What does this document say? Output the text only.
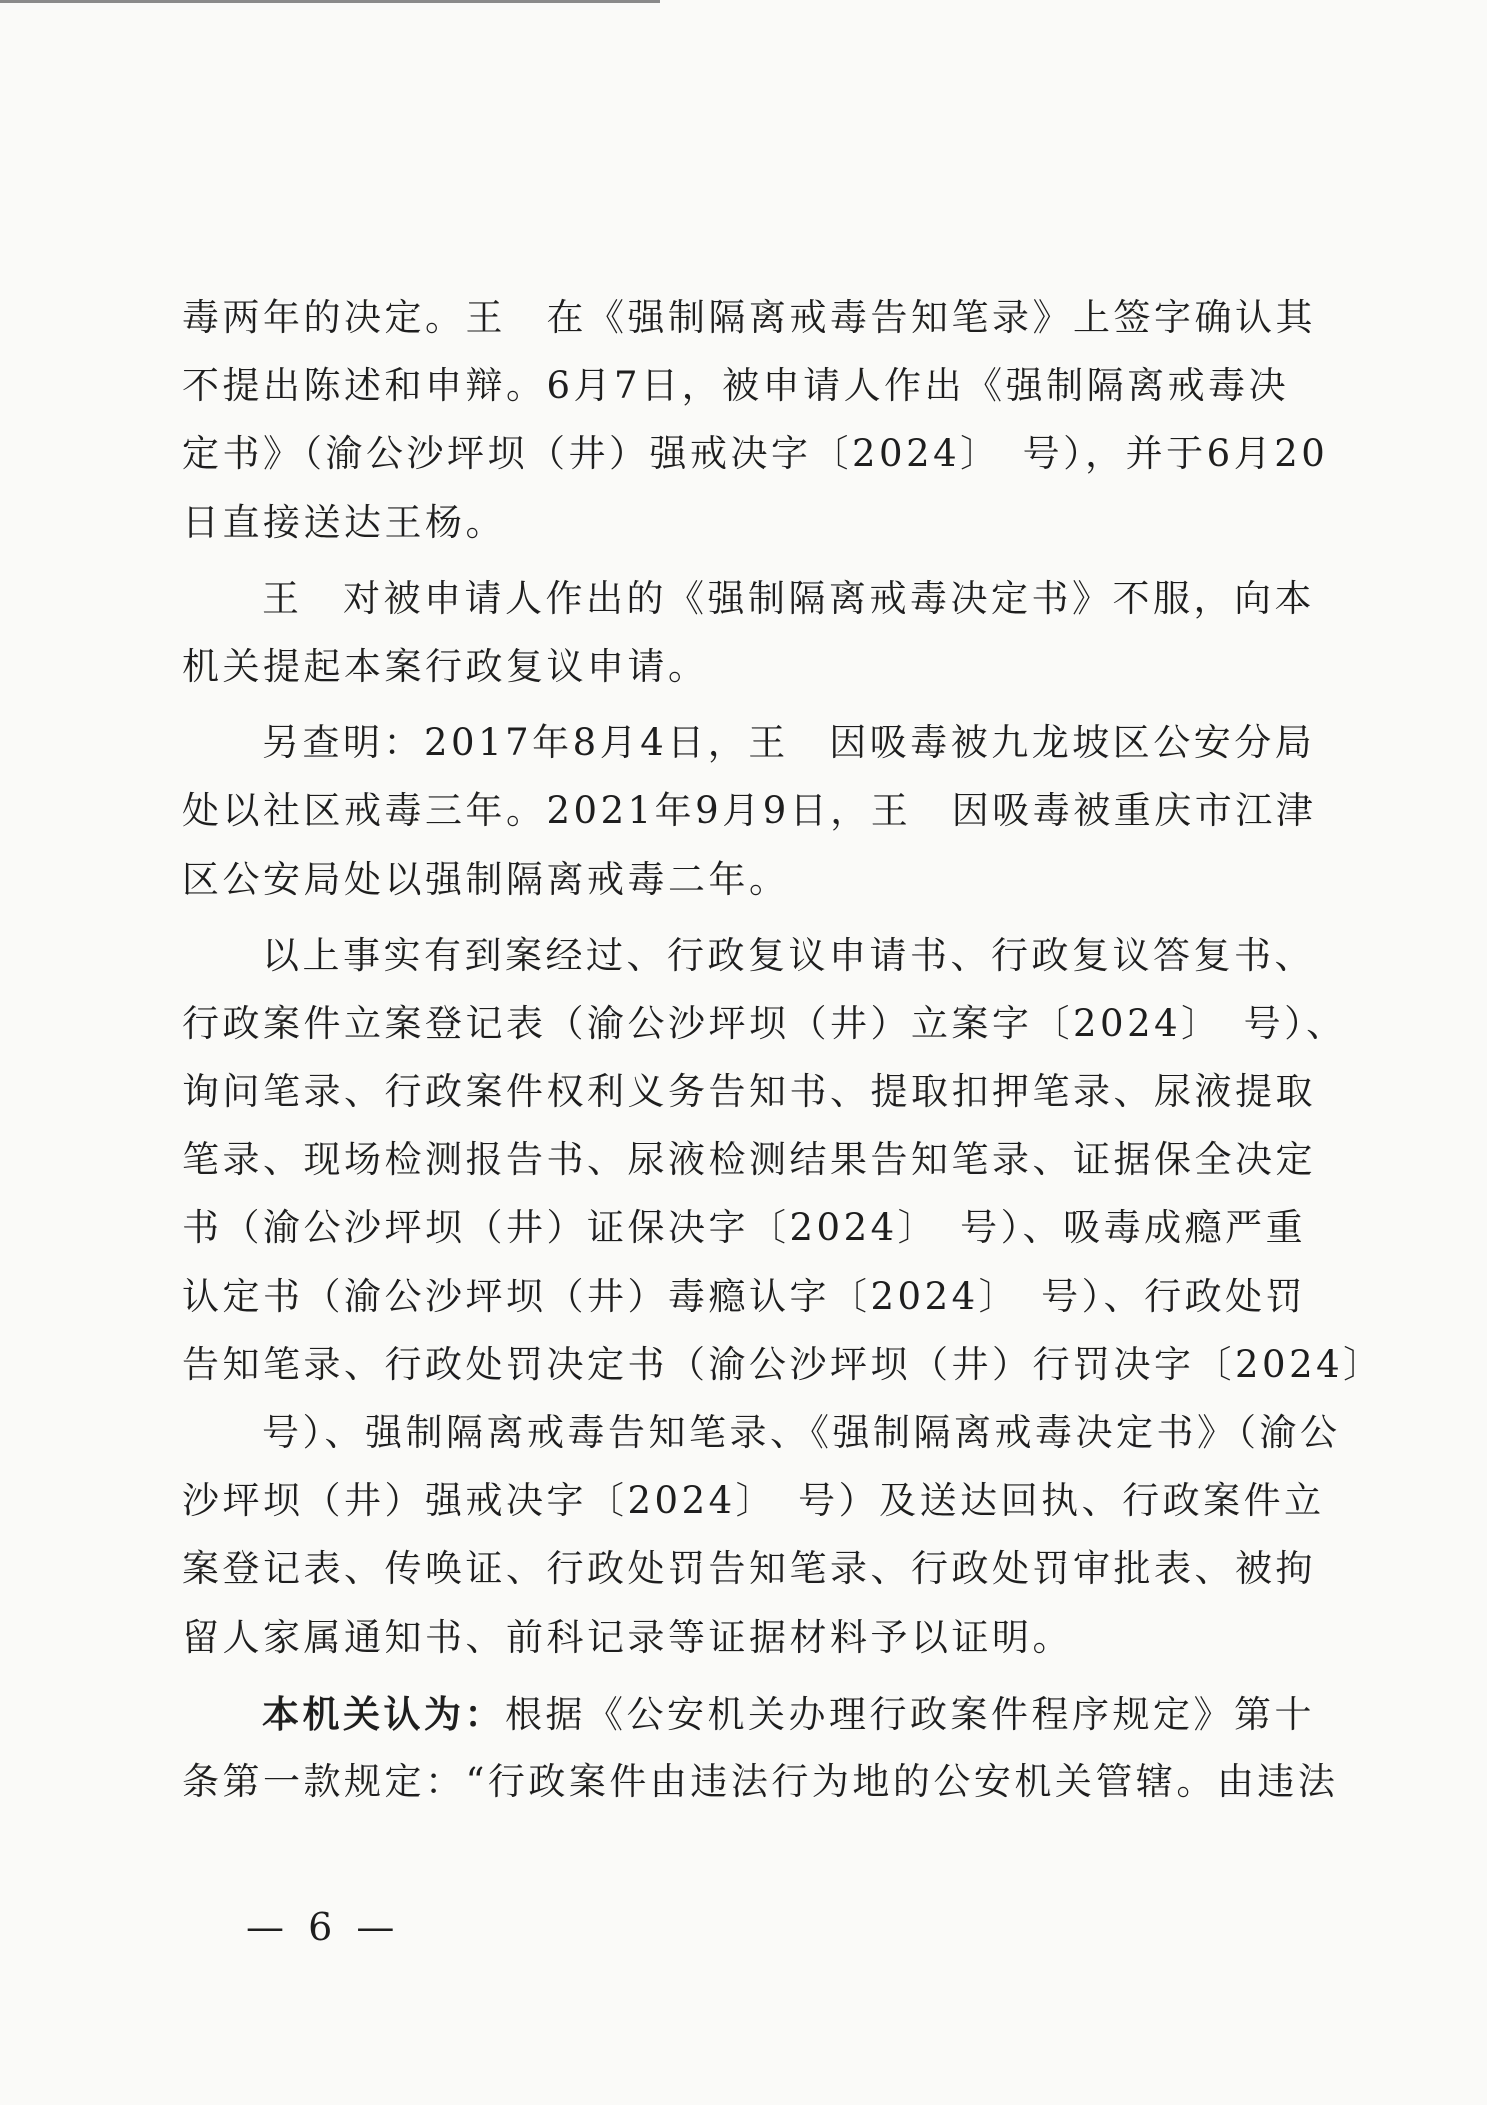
毒两年的决定。王　在《强制隔离戒毒告知笔录》上签字确认其
不提出陈述和申辩。6月7日，被申请人作出《强制隔离戒毒决
定书》（渝公沙坪坝（井）强戒决字〔2024〕　号），并于6月20
日直接送达王杨。
王　对被申请人作出的《强制隔离戒毒决定书》不服，向本
机关提起本案行政复议申请。
另查明：2017年8月4日，王　因吸毒被九龙坡区公安分局
处以社区戒毒三年。2021年9月9日，王　因吸毒被重庆市江津
区公安局处以强制隔离戒毒二年。
以上事实有到案经过、行政复议申请书、行政复议答复书、
行政案件立案登记表（渝公沙坪坝（井）立案字〔2024〕　号）、
询问笔录、行政案件权利义务告知书、提取扣押笔录、尿液提取
笔录、现场检测报告书、尿液检测结果告知笔录、证据保全决定
书（渝公沙坪坝（井）证保决字〔2024〕　号）、吸毒成瘾严重
认定书（渝公沙坪坝（井）毒瘾认字〔2024〕　号）、行政处罚
告知笔录、行政处罚决定书（渝公沙坪坝（井）行罚决字〔2024〕
号）、强制隔离戒毒告知笔录、《强制隔离戒毒决定书》（渝公
沙坪坝（井）强戒决字〔2024〕　号）及送达回执、行政案件立
案登记表、传唤证、行政处罚告知笔录、行政处罚审批表、被拘
留人家属通知书、前科记录等证据材料予以证明。
本机关认为：根据《公安机关办理行政案件程序规定》第十
条第一款规定：“行政案件由违法行为地的公安机关管辖。由违法
— 6 —
